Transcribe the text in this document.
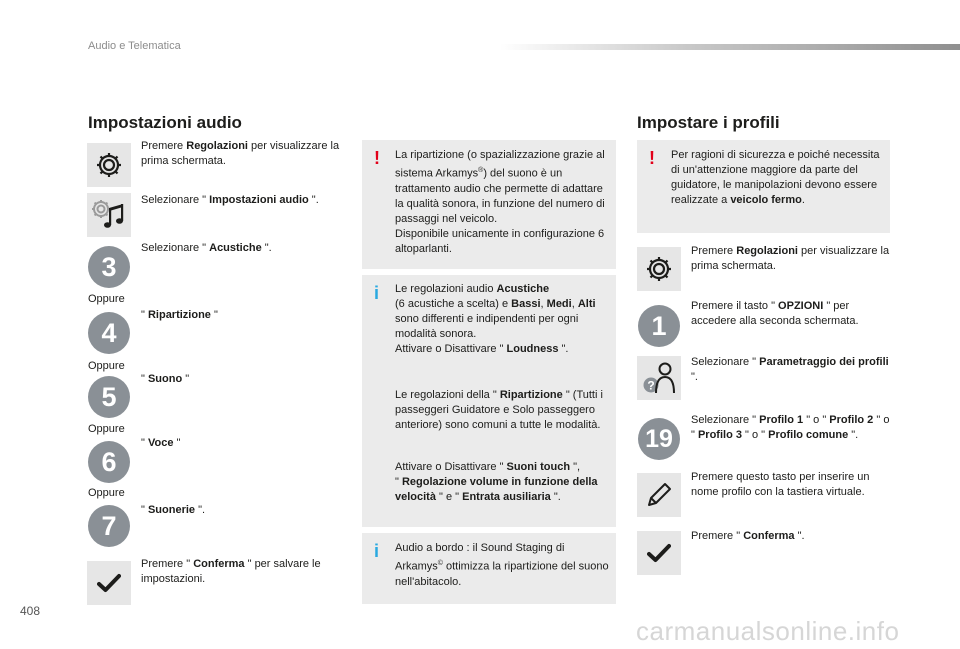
Audio e Telematica
Impostazioni audio
3
4
5
6
7
Oppure
Oppure
Oppure
Oppure
Premere Regolazioni per visualizzare la prima schermata.
Selezionare " Impostazioni audio ".
Selezionare " Acustiche ".
" Ripartizione "
" Suono "
" Voce "
" Suonerie ".
Premere " Conferma " per salvare le impostazioni.
! La ripartizione (o spazializzazione grazie al sistema Arkamys®) del suono è un trattamento audio che permette di adattare la qualità sonora, in funzione del numero di passaggi nel veicolo.
Disponibile unicamente in configurazione 6 altoparlanti.
i Le regolazioni audio Acustiche
(6 acustiche a scelta) e Bassi, Medi, Alti sono differenti e indipendenti per ogni modalità sonora.
Attivare o Disattivare " Loudness ".
Le regolazioni della " Ripartizione " (Tutti i passeggeri Guidatore e Solo passeggero anteriore) sono comuni a tutte le modalità.
Attivare o Disattivare " Suoni touch ",
" Regolazione volume in funzione della velocità " e " Entrata ausiliaria ".
i Audio a bordo : il Sound Staging di Arkamys© ottimizza la ripartizione del suono nell'abitacolo.
Impostare i profili
! Per ragioni di sicurezza e poiché necessita di un'attenzione maggiore da parte del guidatore, le manipolazioni devono essere realizzate a veicolo fermo.
1
?
19
Premere Regolazioni per visualizzare la prima schermata.
Premere il tasto " OPZIONI " per accedere alla seconda schermata.
Selezionare " Parametraggio dei profili ".
Selezionare " Profilo 1 " o " Profilo 2 " o " Profilo 3 " o " Profilo comune ".
Premere questo tasto per inserire un nome profilo con la tastiera virtuale.
Premere " Conferma ".
408
carmanualsonline.info
